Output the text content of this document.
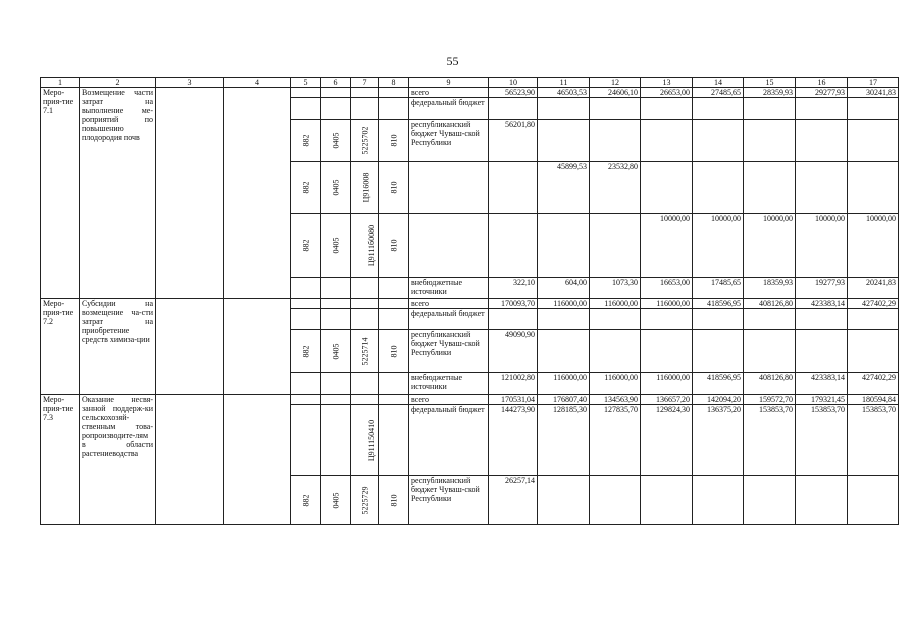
55
1	2	3	4	5	6	7	8	9	10	11	12	13	14	15	16	17
Меро-прия-тие 7.1	Возмещение части затрат на выполнение ме-роприятий по повышению плодородия почв							всего	56523,90	46503,53	24606,10	26653,00	27485,65	28359,93	29277,93	30241,83
								федеральный бюджет								
				882	0405	5225702	810	республиканский бюджет Чуваш-ской Республики	56201,80							
				882	0405	Ц916008	810			45899,53	23532,80					
				882	0405	Ц9111б0080	810					10000,00	10000,00	10000,00	10000,00	10000,00
								внебюджетные источники	322,10	604,00	1073,30	16653,00	17485,65	18359,93	19277,93	20241,83
Меро-прия-тие 7.2	Субсидии на возмещение ча-сти затрат на приобретение средств химиза-ции							всего	170093,70	116000,00	116000,00	116000,00	418596,95	408126,80	423383,14	427402,29
								федеральный бюджет								
				882	0405	5225714	810	республиканский бюджет Чуваш-ской Республики	49090,90							
								внебюджетные источники	121002,80	116000,00	116000,00	116000,00	418596,95	408126,80	423383,14	427402,29
Меро-прия-тие 7.3	Оказание несвя-занной поддерж-ки сельскохозяй-ственным това-ропроизводите-лям в области растениеводства							всего	170531,04	176807,40	134563,90	136657,20	142094,20	159572,70	179321,45	180594,84
						Ц911150410		федеральный бюджет	144273,90	128185,30	127835,70	129824,30	136375,20	153853,70	153853,70	153853,70
				882	0405	5225729	810	республиканский бюджет Чуваш-ской Республики	26257,14							
